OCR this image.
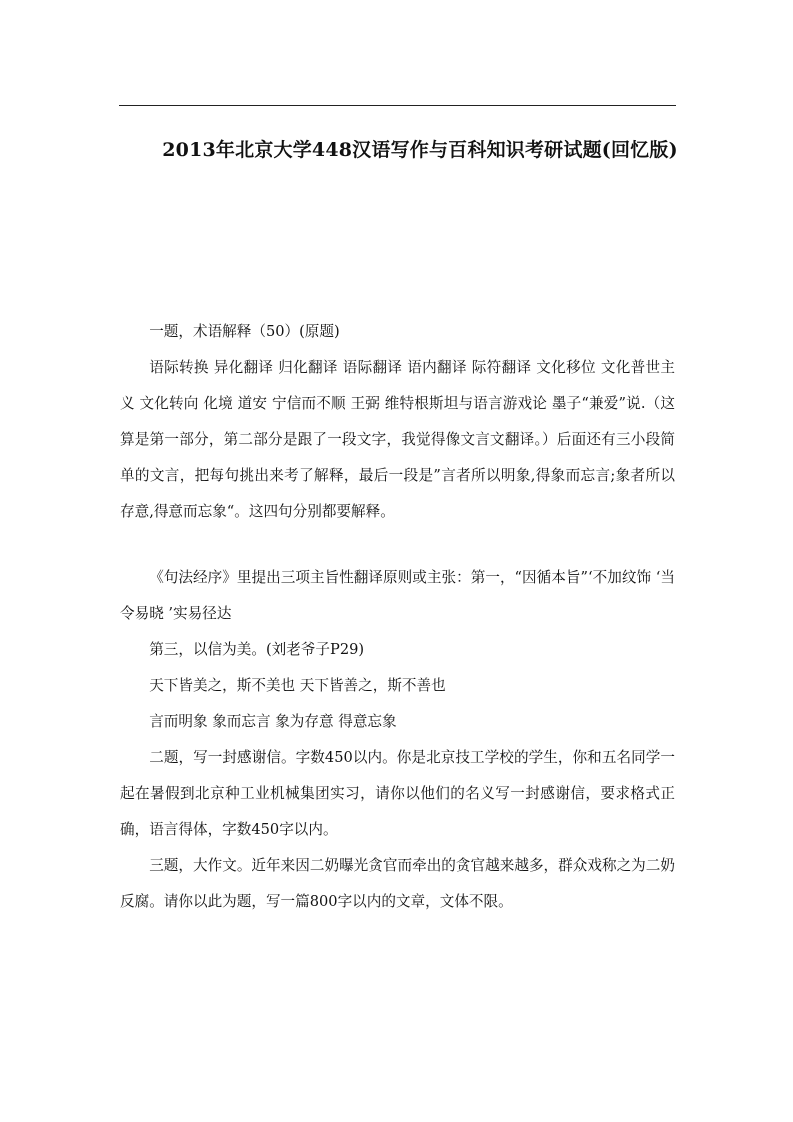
2013年北京大学448汉语写作与百科知识考研试题(回忆版)

一题，术语解释（50）(原题)

语际转换 异化翻译 归化翻译 语际翻译 语内翻译 际符翻译 文化移位 文化普世主义 文化转向 化境 道安 宁信而不顺 王弼 维特根斯坦与语言游戏论 墨子“兼爱”说.（这算是第一部分，第二部分是跟了一段文字，我觉得像文言文翻译。）后面还有三小段简单的文言，把每句挑出来考了解释，最后一段是”言者所以明象,得象而忘言;象者所以存意,得意而忘象“。这四句分别都要解释。

《句法经序》里提出三项主旨性翻译原则或主张：第一，“因循本旨”‘不加纹饰 ‘当令易晓 ’实易径达

第三，以信为美。(刘老爷子P29)

天下皆美之，斯不美也 天下皆善之，斯不善也

言而明象 象而忘言 象为存意 得意忘象

二题，写一封感谢信。字数450以内。你是北京技工学校的学生，你和五名同学一起在暑假到北京种工业机械集团实习，请你以他们的名义写一封感谢信，要求格式正确，语言得体，字数450字以内。

三题，大作文。近年来因二奶曝光贪官而牵出的贪官越来越多，群众戏称之为二奶反腐。请你以此为题，写一篇800字以内的文章，文体不限。
